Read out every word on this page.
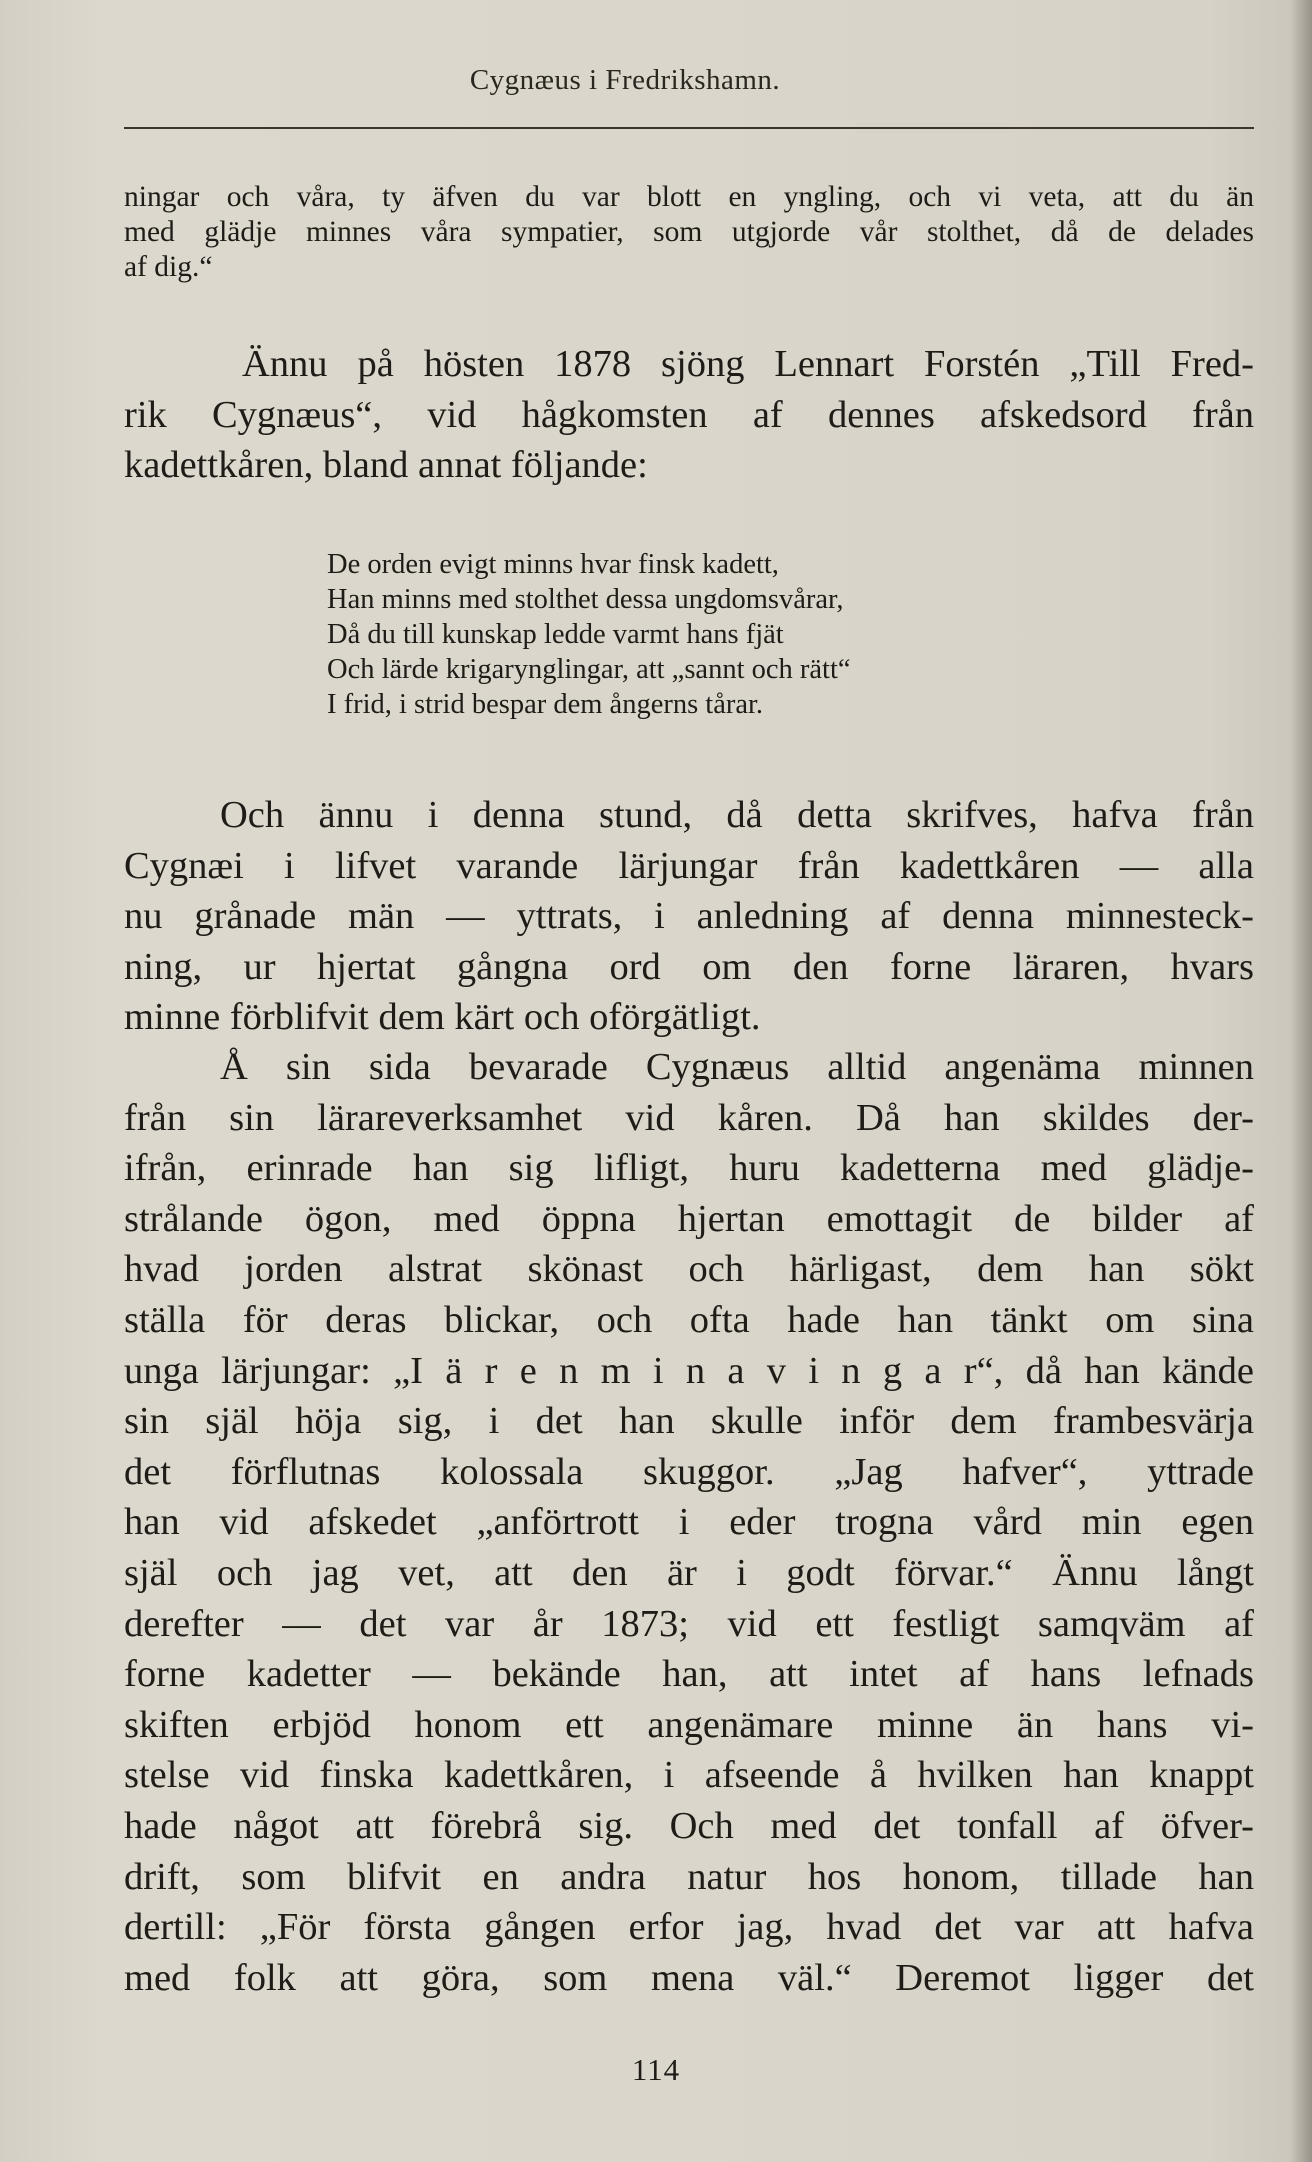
Cygnæus i Fredrikshamn.
ningar och våra, ty äfven du var blott en yngling, och vi veta, att du än
med glädje minnes våra sympatier, som utgjorde vår stolthet, då de delades
af dig.“
Ännu på hösten 1878 sjöng Lennart Forstén „Till Fred-
rik Cygnæus“, vid hågkomsten af dennes afskedsord från
kadettkåren, bland annat följande:
De orden evigt minns hvar finsk kadett,
Han minns med stolthet dessa ungdomsvårar,
Då du till kunskap ledde varmt hans fjät
Och lärde krigarynglingar, att „sannt och rätt“
I frid, i strid bespar dem ångerns tårar.
Och ännu i denna stund, då detta skrifves, hafva från
Cygnæi i lifvet varande lärjungar från kadettkåren — alla
nu grånade män — yttrats, i anledning af denna minnesteck-
ning, ur hjertat gångna ord om den forne läraren, hvars
minne förblifvit dem kärt och oförgätligt.
Å sin sida bevarade Cygnæus alltid angenäma minnen
från sin lärareverksamhet vid kåren. Då han skildes der-
ifrån, erinrade han sig lifligt, huru kadetterna med glädje-
strålande ögon, med öppna hjertan emottagit de bilder af
hvad jorden alstrat skönast och härligast, dem han sökt
ställa för deras blickar, och ofta hade han tänkt om sina
unga lärjungar: „I ä r e n m i n a v i n g a r“, då han kände
sin själ höja sig, i det han skulle inför dem frambesvärja
det förflutnas kolossala skuggor. „Jag hafver“, yttrade
han vid afskedet „anförtrott i eder trogna vård min egen
själ och jag vet, att den är i godt förvar.“ Ännu långt
derefter — det var år 1873; vid ett festligt samqväm af
forne kadetter — bekände han, att intet af hans lefnads
skiften erbjöd honom ett angenämare minne än hans vi-
stelse vid finska kadettkåren, i afseende å hvilken han knappt
hade något att förebrå sig. Och med det tonfall af öfver-
drift, som blifvit en andra natur hos honom, tillade han
dertill: „För första gången erfor jag, hvad det var att hafva
med folk att göra, som mena väl.“ Deremot ligger det
114
